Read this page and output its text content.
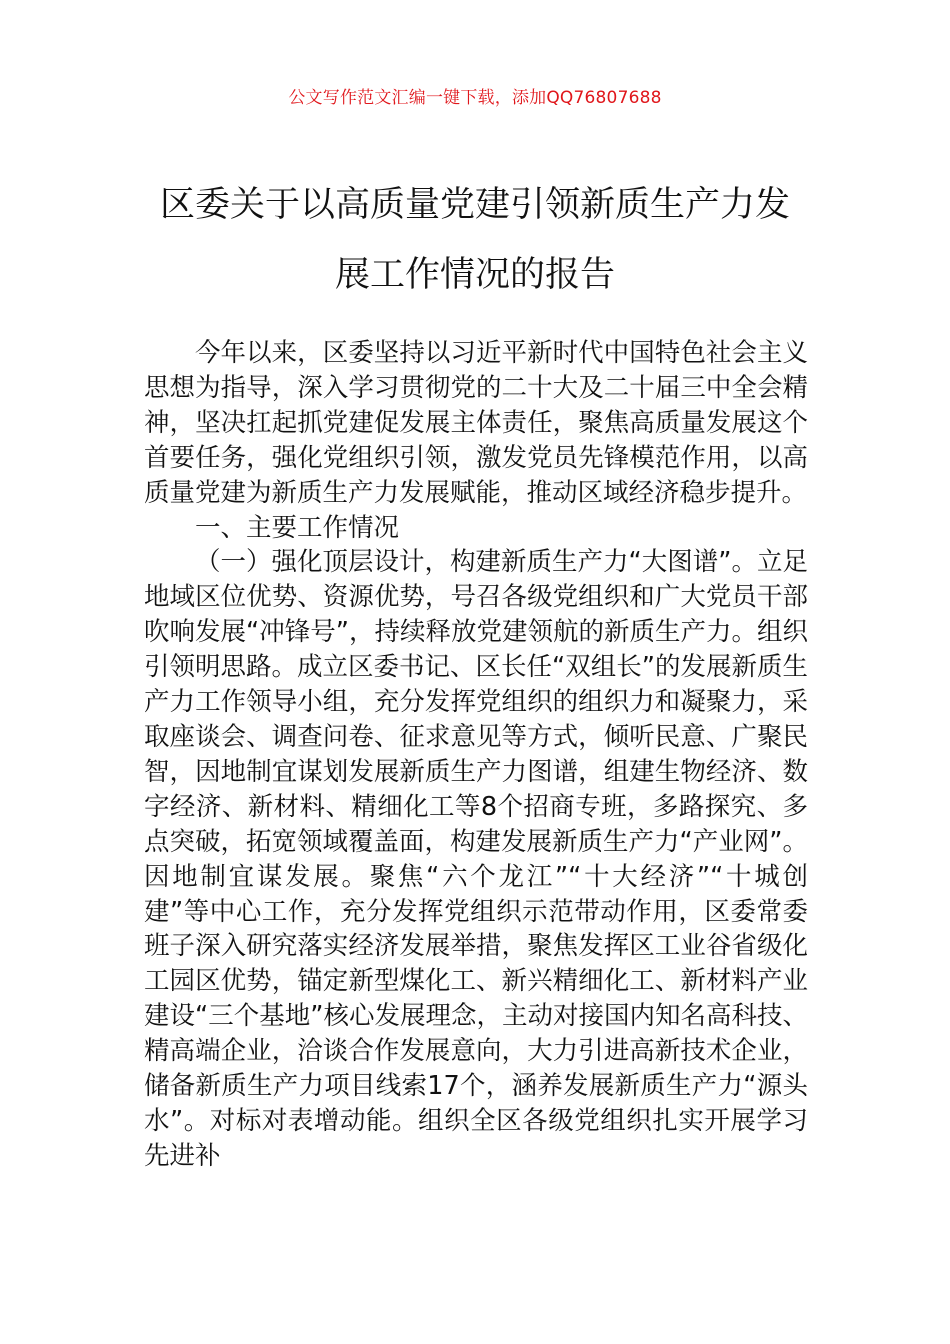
公文写作范文汇编一键下载，添加QQ76807688
区委关于以高质量党建引领新质生产力发
展工作情况的报告

今年以来，区委坚持以习近平新时代中国特色社会主义思想为指导，深入学习贯彻党的二十大及二十届三中全会精神，坚决扛起抓党建促发展主体责任，聚焦高质量发展这个首要任务，强化党组织引领，激发党员先锋模范作用，以高质量党建为新质生产力发展赋能，推动区域经济稳步提升。

一、主要工作情况

（一）强化顶层设计，构建新质生产力“大图谱”。立足地域区位优势、资源优势，号召各级党组织和广大党员干部吹响发展“冲锋号”，持续释放党建领航的新质生产力。组织引领明思路。成立区委书记、区长任“双组长”的发展新质生产力工作领导小组，充分发挥党组织的组织力和凝聚力，采取座谈会、调查问卷、征求意见等方式，倾听民意、广聚民智，因地制宜谋划发展新质生产力图谱，组建生物经济、数字经济、新材料、精细化工等8个招商专班，多路探究、多点突破，拓宽领域覆盖面，构建发展新质生产力“产业网”。因地制宜谋发展。聚焦“六个龙江”“十大经济”“十城创建”等中心工作，充分发挥党组织示范带动作用，区委常委班子深入研究落实经济发展举措，聚焦发挥区工业谷省级化工园区优势，锚定新型煤化工、新兴精细化工、新材料产业建设“三个基地”核心发展理念，主动对接国内知名高科技、精高端企业，洽谈合作发展意向，大力引进高新技术企业，储备新质生产力项目线索17个，涵养发展新质生产力“源头水”。对标对表增动能。组织全区各级党组织扎实开展学习先进补
